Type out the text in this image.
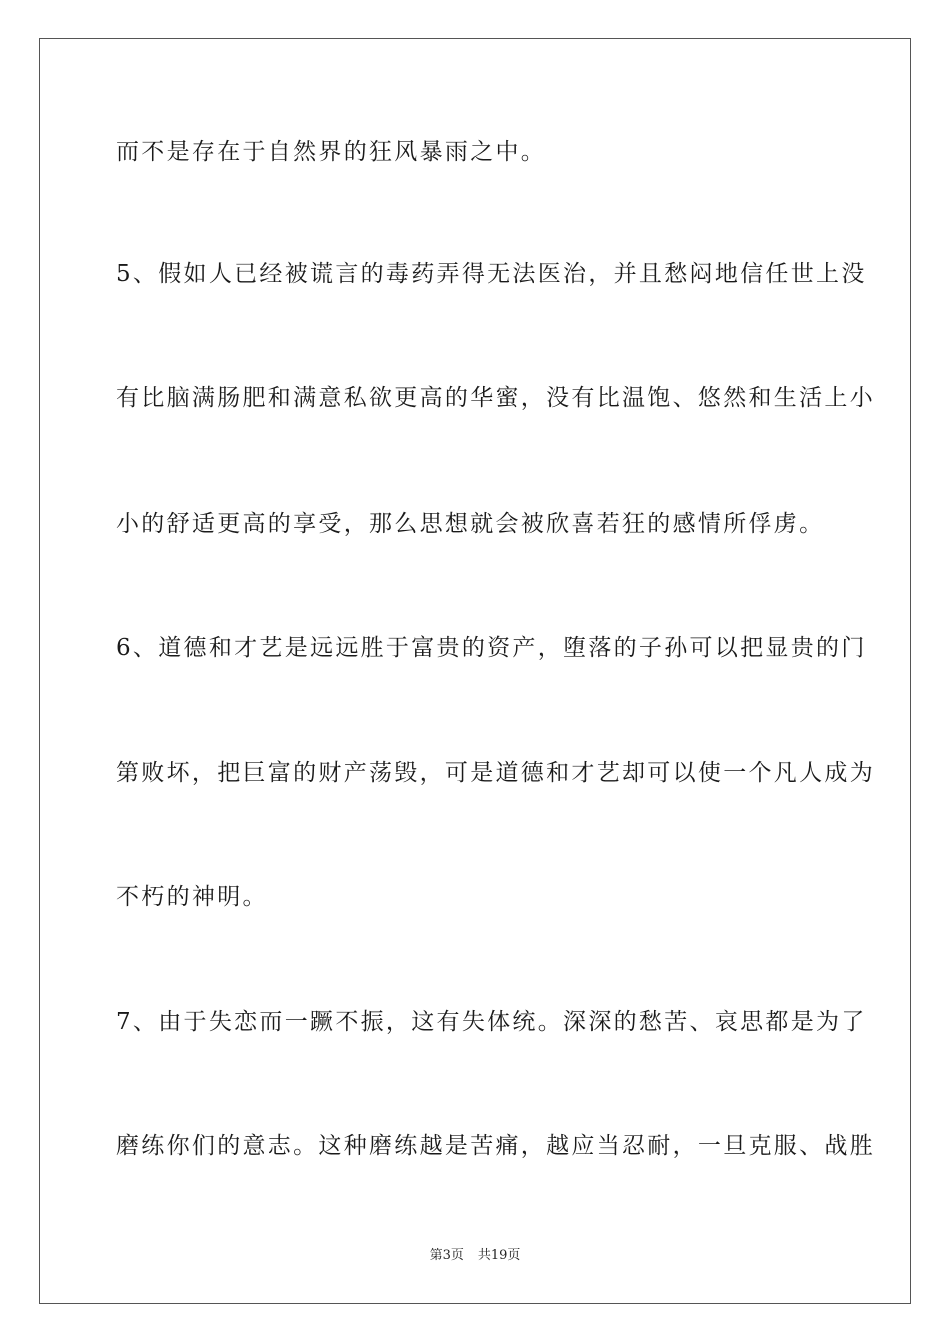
而不是存在于自然界的狂风暴雨之中。
5、假如人已经被谎言的毒药弄得无法医治，并且愁闷地信任世上没
有比脑满肠肥和满意私欲更高的华蜜，没有比温饱、悠然和生活上小
小的舒适更高的享受，那么思想就会被欣喜若狂的感情所俘虏。
6、道德和才艺是远远胜于富贵的资产，堕落的子孙可以把显贵的门
第败坏，把巨富的财产荡毁，可是道德和才艺却可以使一个凡人成为
不朽的神明。
7、由于失恋而一蹶不振，这有失体统。深深的愁苦、哀思都是为了
磨练你们的意志。这种磨练越是苦痛，越应当忍耐，一旦克服、战胜
第3页 共19页
